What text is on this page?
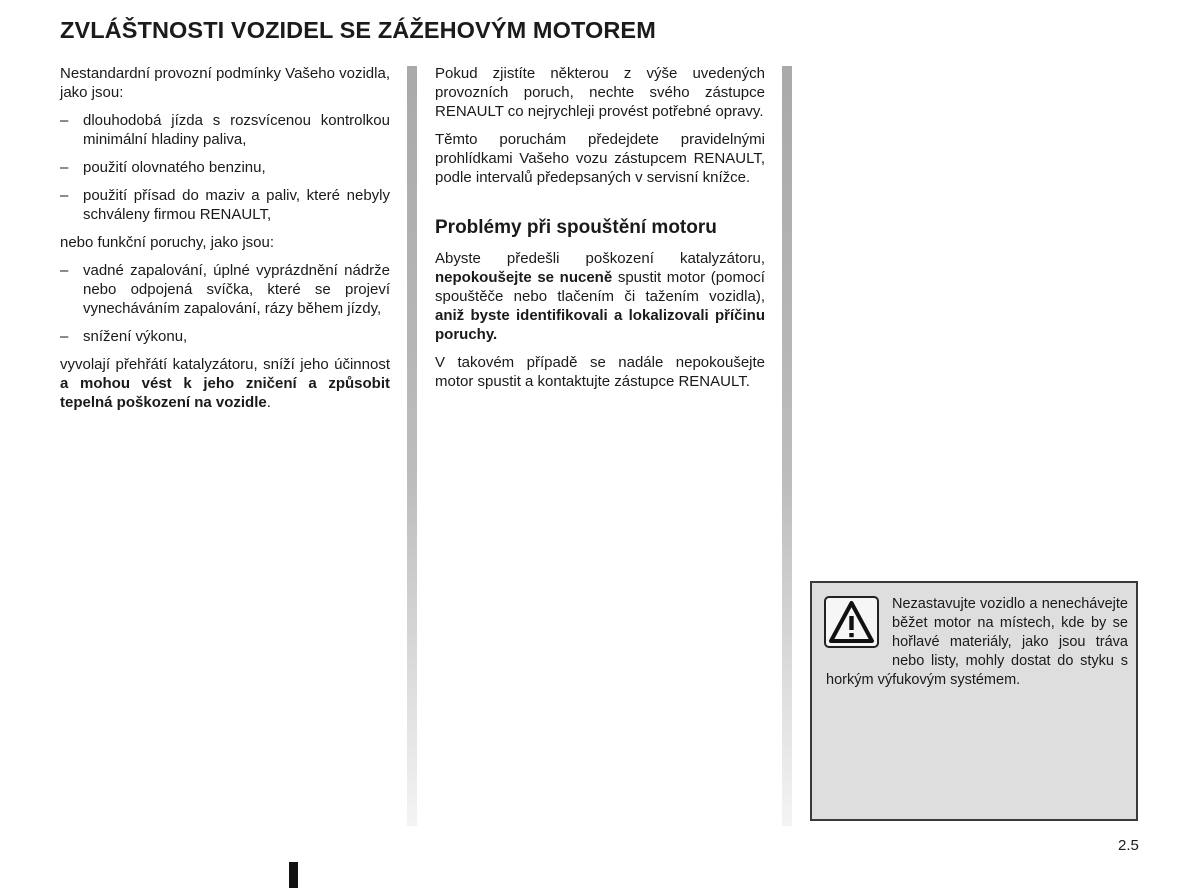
ZVLÁŠTNOSTI VOZIDEL SE ZÁŽEHOVÝM MOTOREM

Nestandardní provozní podmínky Vašeho vozidla, jako jsou:

– dlouhodobá jízda s rozsvícenou kontrolkou minimální hladiny paliva,
– použití olovnatého benzinu,
– použití přísad do maziv a paliv, které nebyly schváleny firmou RENAULT,

nebo funkční poruchy, jako jsou:

– vadné zapalování, úplné vyprázdnění nádrže nebo odpojená svíčka, které se projeví vynecháváním zapalování, rázy během jízdy,
– snížení výkonu,

vyvolají přehřátí katalyzátoru, sníží jeho účinnost a mohou vést k jeho zničení a způsobit tepelná poškození na vozidle.

Pokud zjistíte některou z výše uvedených provozních poruch, nechte svého zástupce RENAULT co nejrychleji provést potřebné opravy.

Těmto poruchám předejdete pravidelnými prohlídkami Vašeho vozu zástupcem RENAULT, podle intervalů předepsaných v servisní knížce.

Problémy při spouštění motoru

Abyste předešli poškození katalyzátoru, nepokoušejte se nuceně spustit motor (pomocí spouštěče nebo tlačením či tažením vozidla), aniž byste identifikovali a lokalizovali příčinu poruchy.

V takovém případě se nadále nepokoušejte motor spustit a kontaktujte zástupce RENAULT.

Nezastavujte vozidlo a nenechávejte běžet motor na místech, kde by se hořlavé materiály, jako jsou tráva nebo listy, mohly dostat do styku s horkým výfukovým systémem.
2.5
